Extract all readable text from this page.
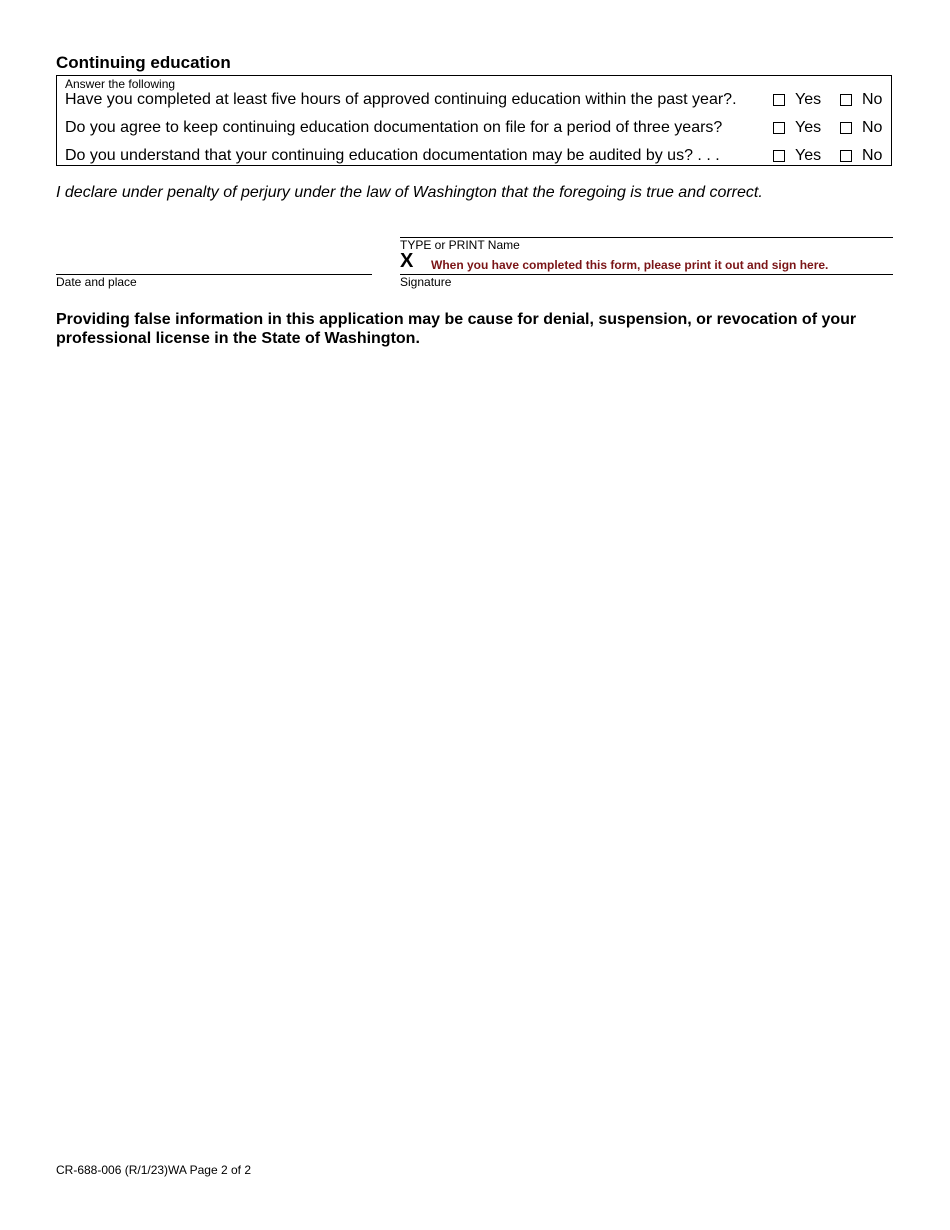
Continuing education
Answer the following
Have you completed at least five hours of approved continuing education within the past year?.	Yes	No
Do you agree to keep continuing education documentation on file for a period of three years?	Yes	No
Do you understand that your continuing education documentation may be audited by us? . . .	Yes	No
I declare under penalty of perjury under the law of Washington that the foregoing is true and correct.
TYPE or PRINT Name
X When you have completed this form, please print it out and sign here.
Signature
Date and place
Providing false information in this application may be cause for denial, suspension, or revocation of your professional license in the State of Washington.
CR-688-006 (R/1/23)WA Page 2 of 2
